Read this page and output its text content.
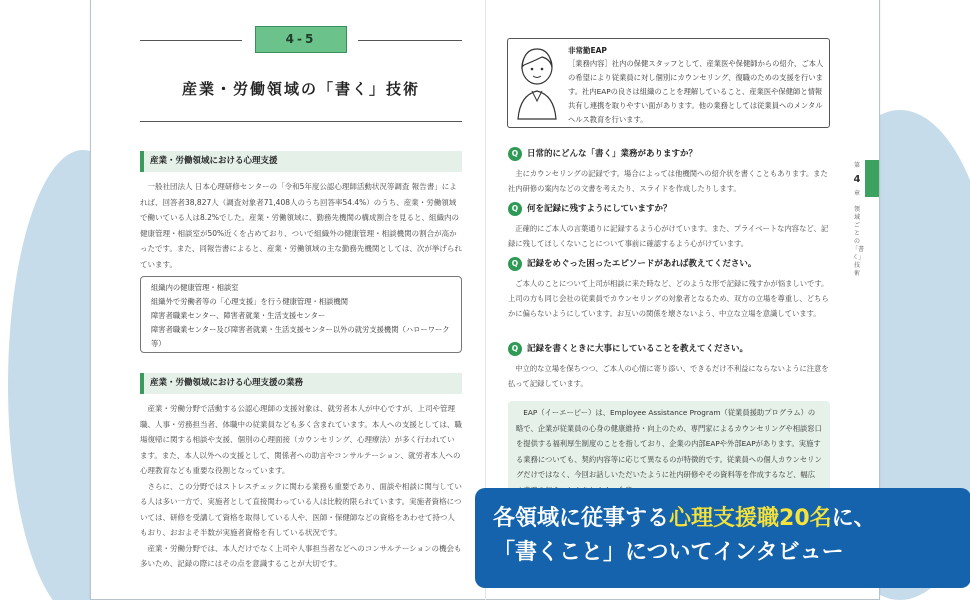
4-5
産業・労働領域の「書く」技術
産業・労働領域における心理支援

一般社団法人 日本心理研修センターの「令和5年度公認心理師活動状況等調査 報告書」によれば、回答者38,827人（調査対象者71,408人のうち回答率54.4%）のうち、産業・労働領域で働いている人は8.2%でした。産業・労働領域に、勤務先機関の構成割合を見ると、組織内の健康管理・相談室が50%近くを占めており、ついで組織外の健康管理・相談機関の割合が高かったです。また、同報告書によると、産業・労働領域の主な勤務先機関としては、次が挙げられています。

組織内の健康管理・相談室
組織外で労働者等の「心理支援」を行う健康管理・相談機関
障害者職業センター、障害者就業・生活支援センター
障害者職業センター及び障害者就業・生活支援センター以外の就労支援機関（ハローワーク等）
産業・労働領域における心理支援の業務

産業・労働分野で活動する公認心理師の支援対象は、就労者本人が中心ですが、上司や管理職、人事・労務担当者、体職中の従業員なども多く含まれています。本人への支援としては、職場復帰に関する相談や支援、個別の心理面接（カウンセリング、心理療法）が多く行われています。また、本人以外への支援として、関係者への助言やコンサルテーション、就労者本人への心理教育なども重要な役割となっています。

さらに、この分野ではストレスチェックに関わる業務も重要であり、面談や相談に関与している人は多い一方で、実施者として直接関わっている人は比較的限られています。実施者資格については、研修を受講して資格を取得している人や、医師・保健師などの資格をあわせて持つ人もおり、おおよそ半数が実施者資格を有している状況です。

産業・労働分野では、本人だけでなく上司や人事担当者などへのコンサルテーションの機会も多いため、記録の際にはその点を意識することが大切です。

非常勤EAP
［業務内容］社内の保健スタッフとして、産業医や保健師からの紹介、ご本人の希望により従業員に対し個別にカウンセリング、復職のための支援を行います。社内EAPの良さは組織のことを理解していること、産業医や保健師と情報共有し連携を取りやすい面があります。他の業務としては従業員へのメンタルヘルス教育を行います。
Q	日常的にどんな「書く」業務がありますか？
主にカウンセリングの記録です。場合によっては他機関への紹介状を書くこともあります。また社内研修の案内などの文書を考えたり、スライドを作成したりします。
Q	何を記録に残すようにしていますか？
正確的にご本人の言葉通りに記録するよう心がけています。また、プライベートな内容など、記録に残してほしくないことについて事前に確認するよう心がけています。
Q	記録をめぐった困ったエピソードがあれば教えてください。
ご本人のことについて上司が相談に来た時など、どのような形で記録に残すかが悩ましいです。上司の方も同じ会社の従業員でカウンセリングの対象者となるため、双方の立場を尊重し、どちらかに偏らないようにしています。お互いの関係を壊さないよう、中立な立場を意識しています。
Q	記録を書くときに大事にしていることを教えてください。
中立的な立場を保ちつつ、ご本人の心情に寄り添い、できるだけ不利益にならないように注意を払って記録しています。
EAP（イーエーピー）は、Employee Assistance Program（従業員援助プログラム）の略で、企業が従業員の心身の健康維持・向上のため、専門家によるカウンセリングや相談窓口を提供する福利厚生制度のことを指しており、企業の内部EAPや外部EAPがあります。実施する業務についても、契約内容等に応じて異なるのが特徴的です。従業員への個人カウンセリングだけではなく、今回お話しいただいたように社内研修やその資料等を作成するなど、幅広
第
4
章
領域ごとの「書く」技術
各領域に従事する心理支援職20名に、
「書くこと」についてインタビュー
